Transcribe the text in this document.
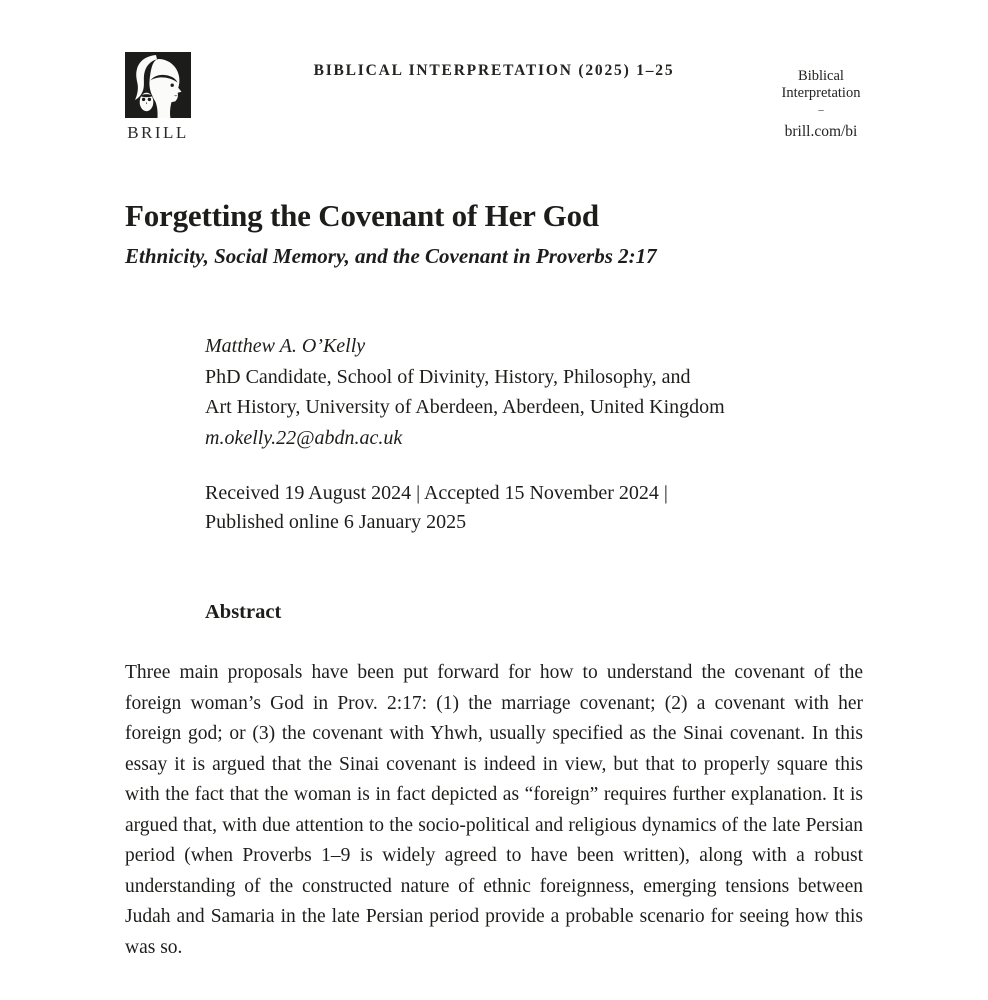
BRILL
BIBLICAL INTERPRETATION (2025) 1–25	Biblical
Interpretation
–
brill.com/bi
Forgetting the Covenant of Her God
Ethnicity, Social Memory, and the Covenant in Proverbs 2:17
Matthew A. O’Kelly
PhD Candidate, School of Divinity, History, Philosophy, and
Art History, University of Aberdeen, Aberdeen, United Kingdom
m.okelly.22@abdn.ac.uk
Received 19 August 2024 | Accepted 15 November 2024 |
Published online 6 January 2025
Abstract

Three main proposals have been put forward for how to understand the covenant of the foreign woman’s God in Prov. 2:17: (1) the marriage covenant; (2) a covenant with her foreign god; or (3) the covenant with Yhwh, usually specified as the Sinai covenant. In this essay it is argued that the Sinai covenant is indeed in view, but that to properly square this with the fact that the woman is in fact depicted as “foreign” requires further explanation. It is argued that, with due attention to the socio-political and religious dynamics of the late Persian period (when Proverbs 1–9 is widely agreed to have been written), along with a robust understanding of the constructed nature of ethnic foreignness, emerging tensions between Judah and Samaria in the late Persian period provide a probable scenario for seeing how this was so.
